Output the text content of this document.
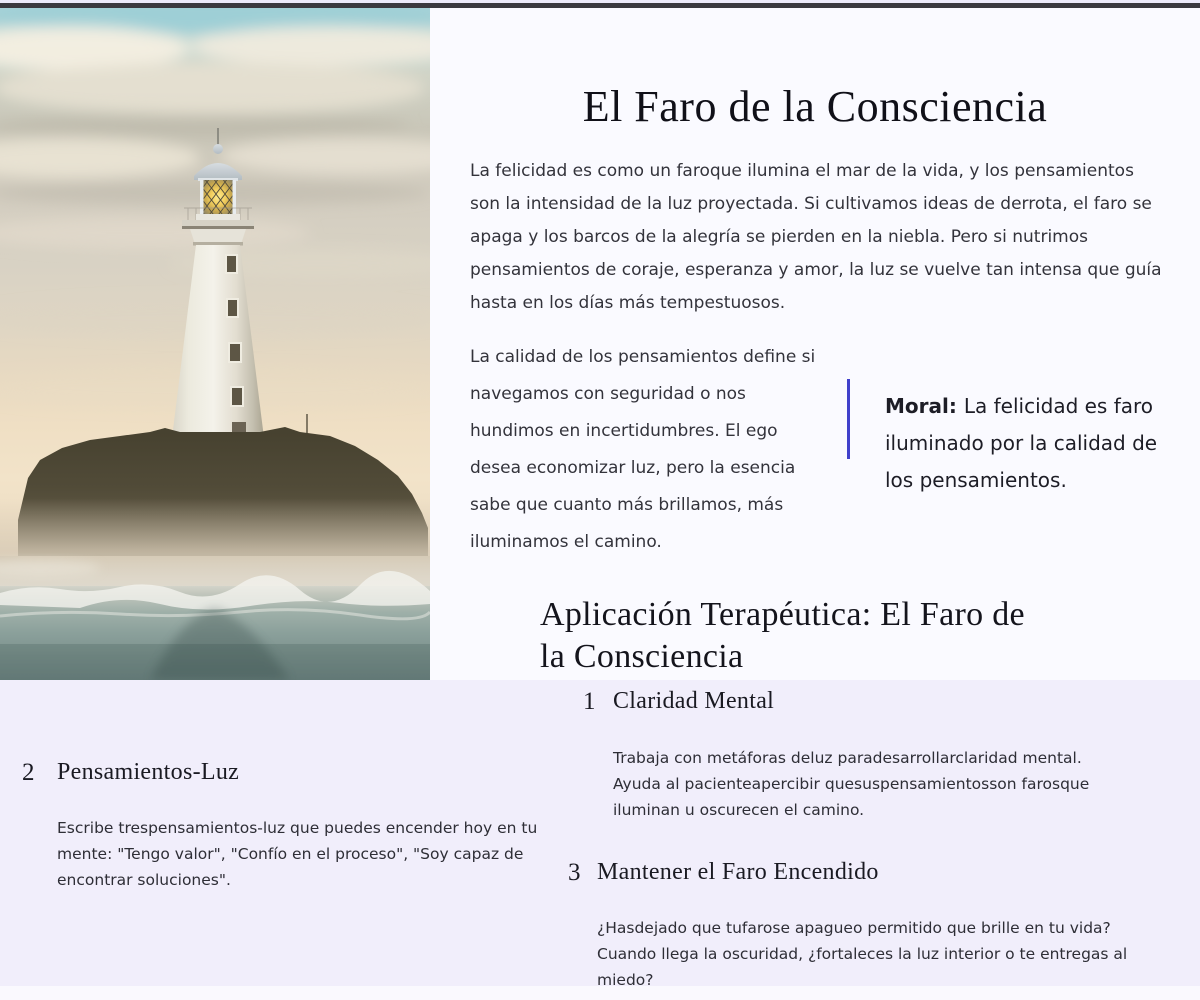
El Faro de la Consciencia

La felicidad es como un faroque ilumina el mar de la vida, y los pensamientos son la intensidad de la luz proyectada. Si cultivamos ideas de derrota, el faro se apaga y los barcos de la alegría se pierden en la niebla. Pero si nutrimos pensamientos de coraje, esperanza y amor, la luz se vuelve tan intensa que guía hasta en los días más tempestuosos.

La calidad de los pensamientos define si navegamos con seguridad o nos hundimos en incertidumbres. El ego desea economizar luz, pero la esencia sabe que cuanto más brillamos, más iluminamos el camino.

Moral: La felicidad es faro iluminado por la calidad de los pensamientos.

Aplicación Terapéutica: El Faro de la Consciencia
1 Claridad Mental

Trabaja con metáforas deluz paradesarrollarclaridad mental. Ayuda al pacienteapercibir quesuspensamientosson farosque iluminan u oscurecen el camino.

2 Pensamientos-Luz

Escribe trespensamientos-luz que puedes encender hoy en tu mente: "Tengo valor", "Confío en el proceso", "Soy capaz de encontrar soluciones".	3 Mantener el Faro Encendido

¿Hasdejado que tufarose apagueo permitido que brille en tu vida? Cuando llega la oscuridad, ¿fortaleces la luz interior o te entregas al miedo?
